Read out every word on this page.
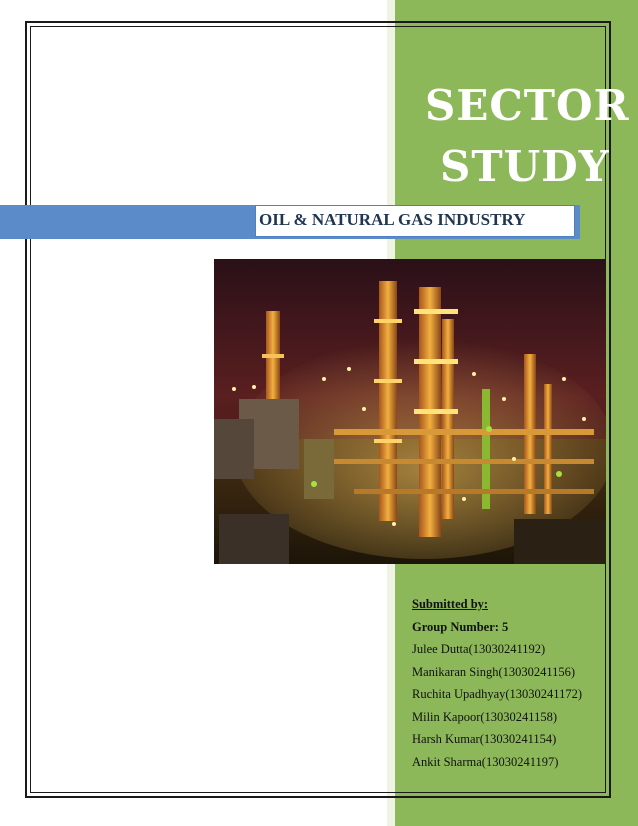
SECTOR
STUDY
OIL & NATURAL GAS INDUSTRY
Submitted by:
Group Number: 5
Julee Dutta(13030241192)
Manikaran Singh(13030241156)
Ruchita Upadhyay(13030241172)
Milin Kapoor(13030241158)
Harsh Kumar(13030241154)
Ankit Sharma(13030241197)
